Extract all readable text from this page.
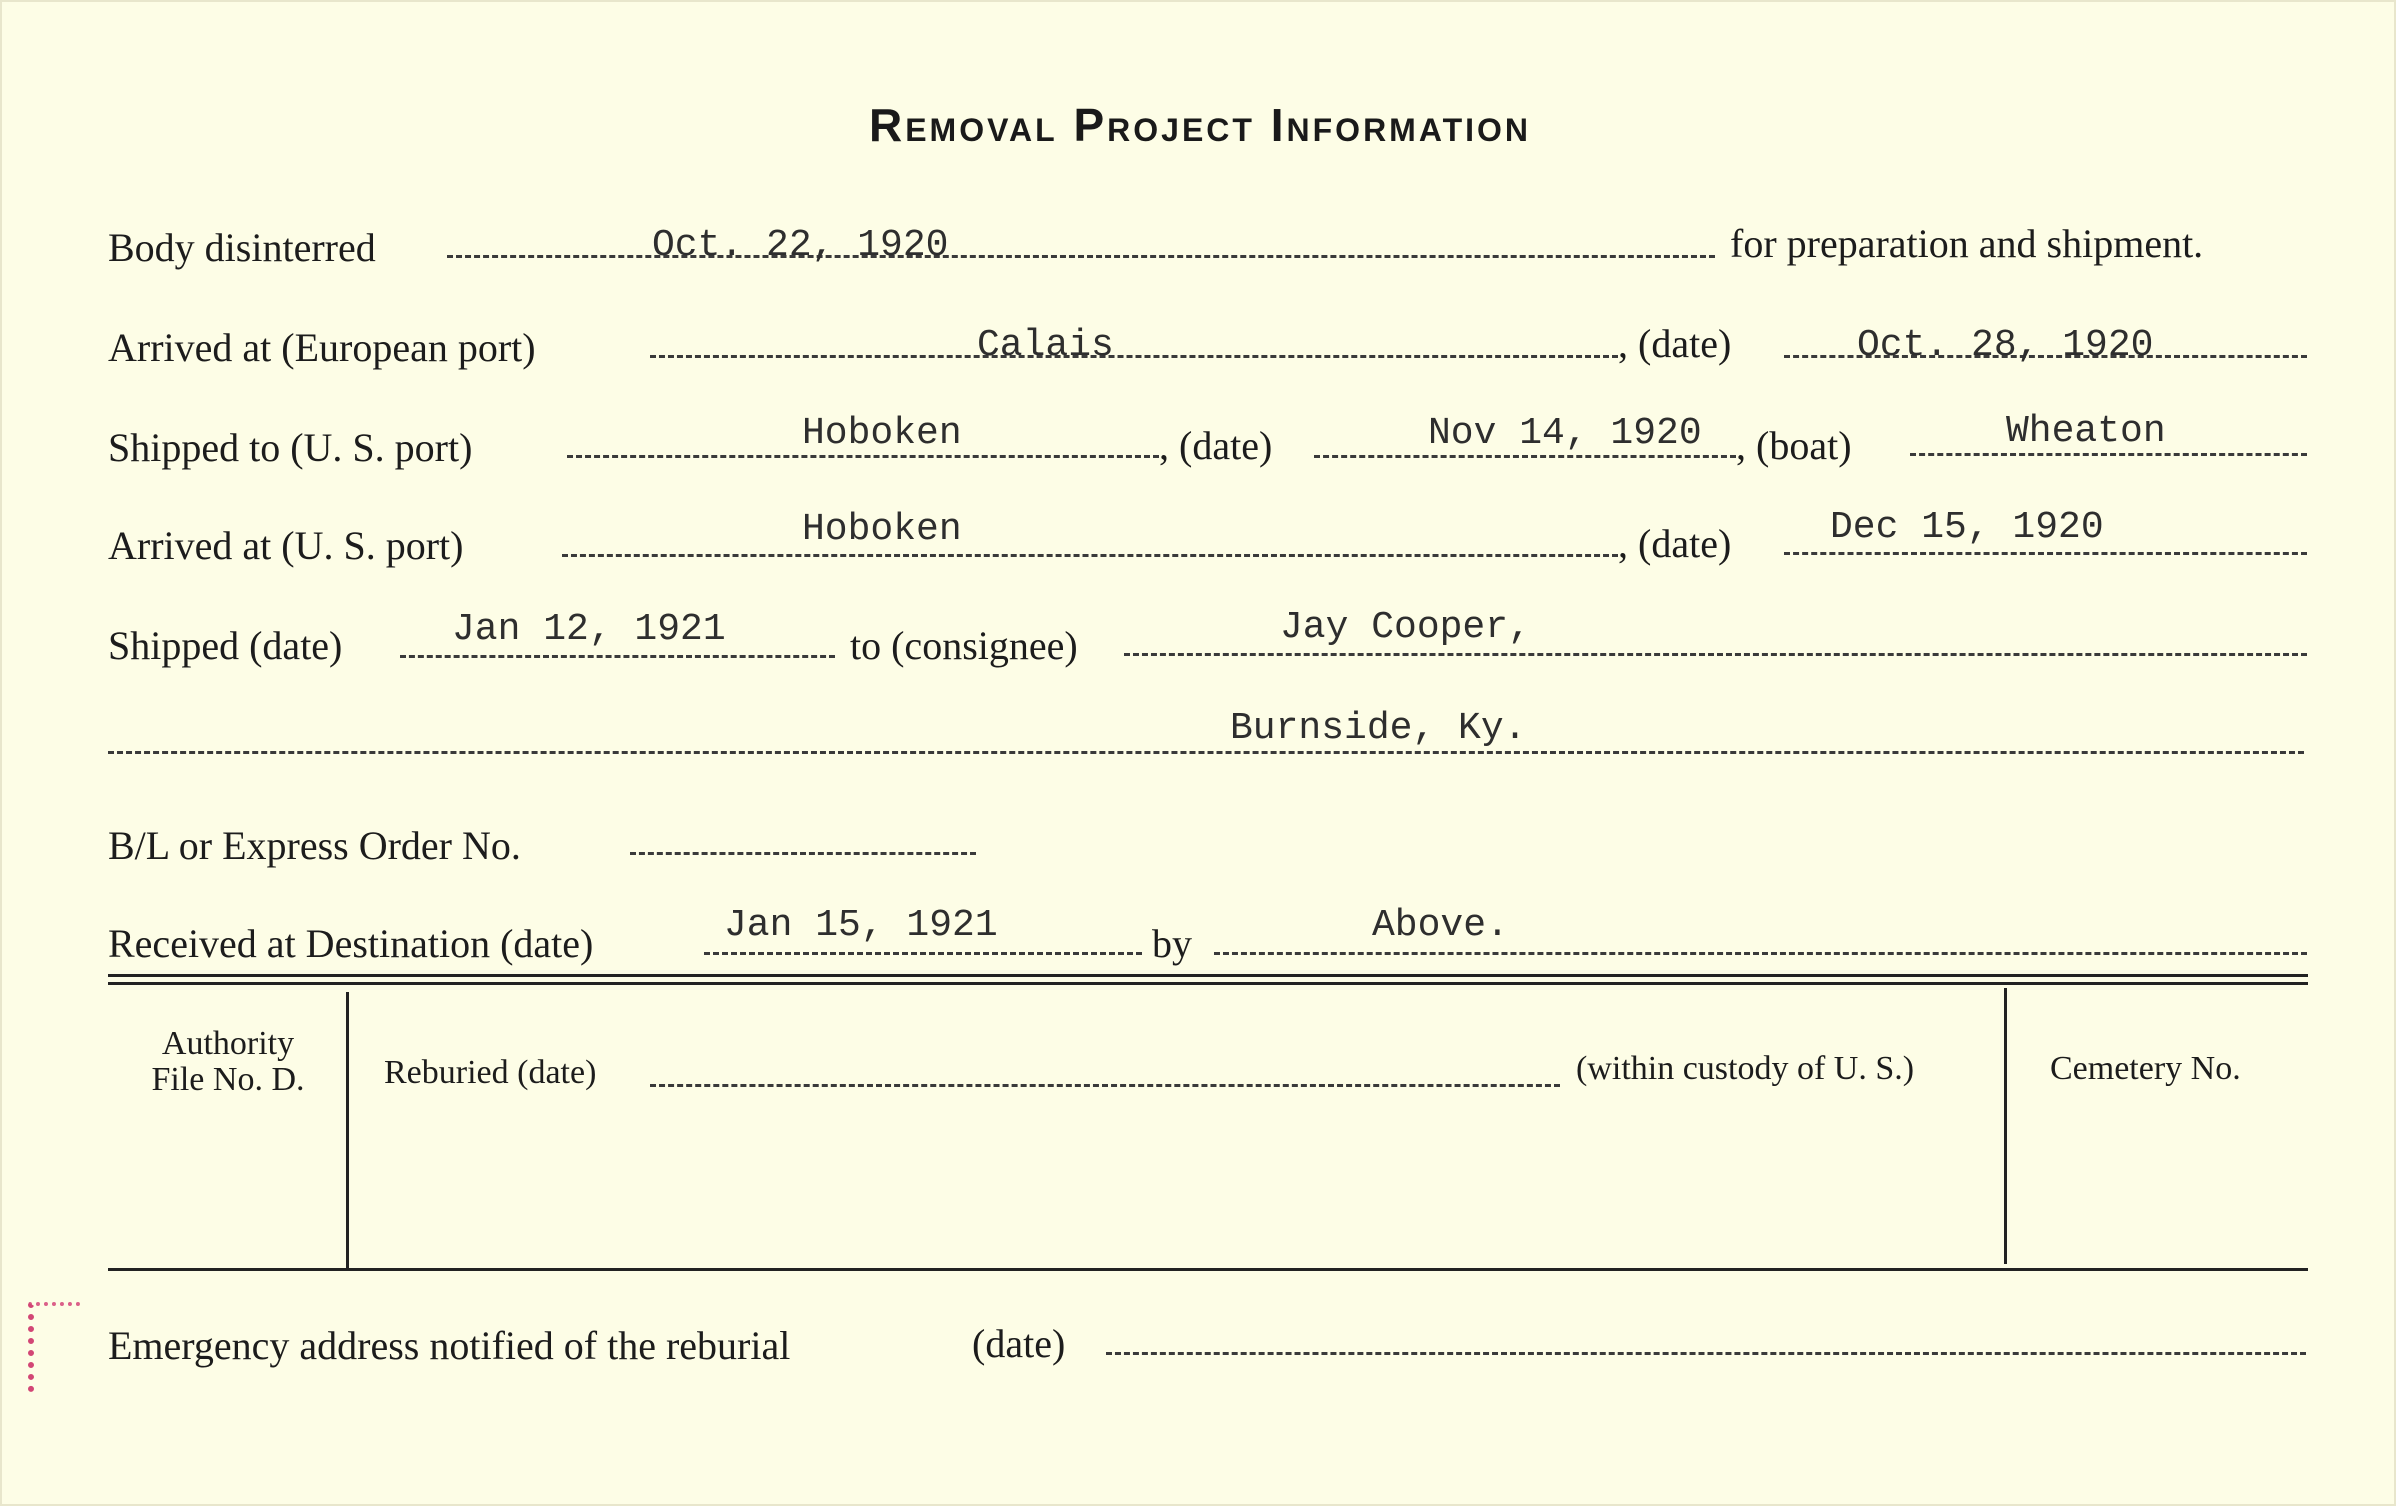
Removal Project Information
Body disinterred	Oct. 22, 1920	for preparation and shipment.
Arrived at (European port)	Calais	, (date)	Oct. 28, 1920
Shipped to (U. S. port)	Hoboken	, (date)	Nov 14, 1920 , (boat)	Wheaton
Arrived at (U. S. port)	Hoboken	, (date)	Dec 15, 1920
Shipped (date)	Jan 12, 1921	to (consignee)	Jay Cooper,
Burnside, Ky.
B/L or Express Order No.
Received at Destination (date)	Jan 15, 1921	by	Above.
Authority
File No. D.	Reburied (date)	(within custody of U. S.)	Cemetery No.
Emergency address notified of the reburial	(date)
